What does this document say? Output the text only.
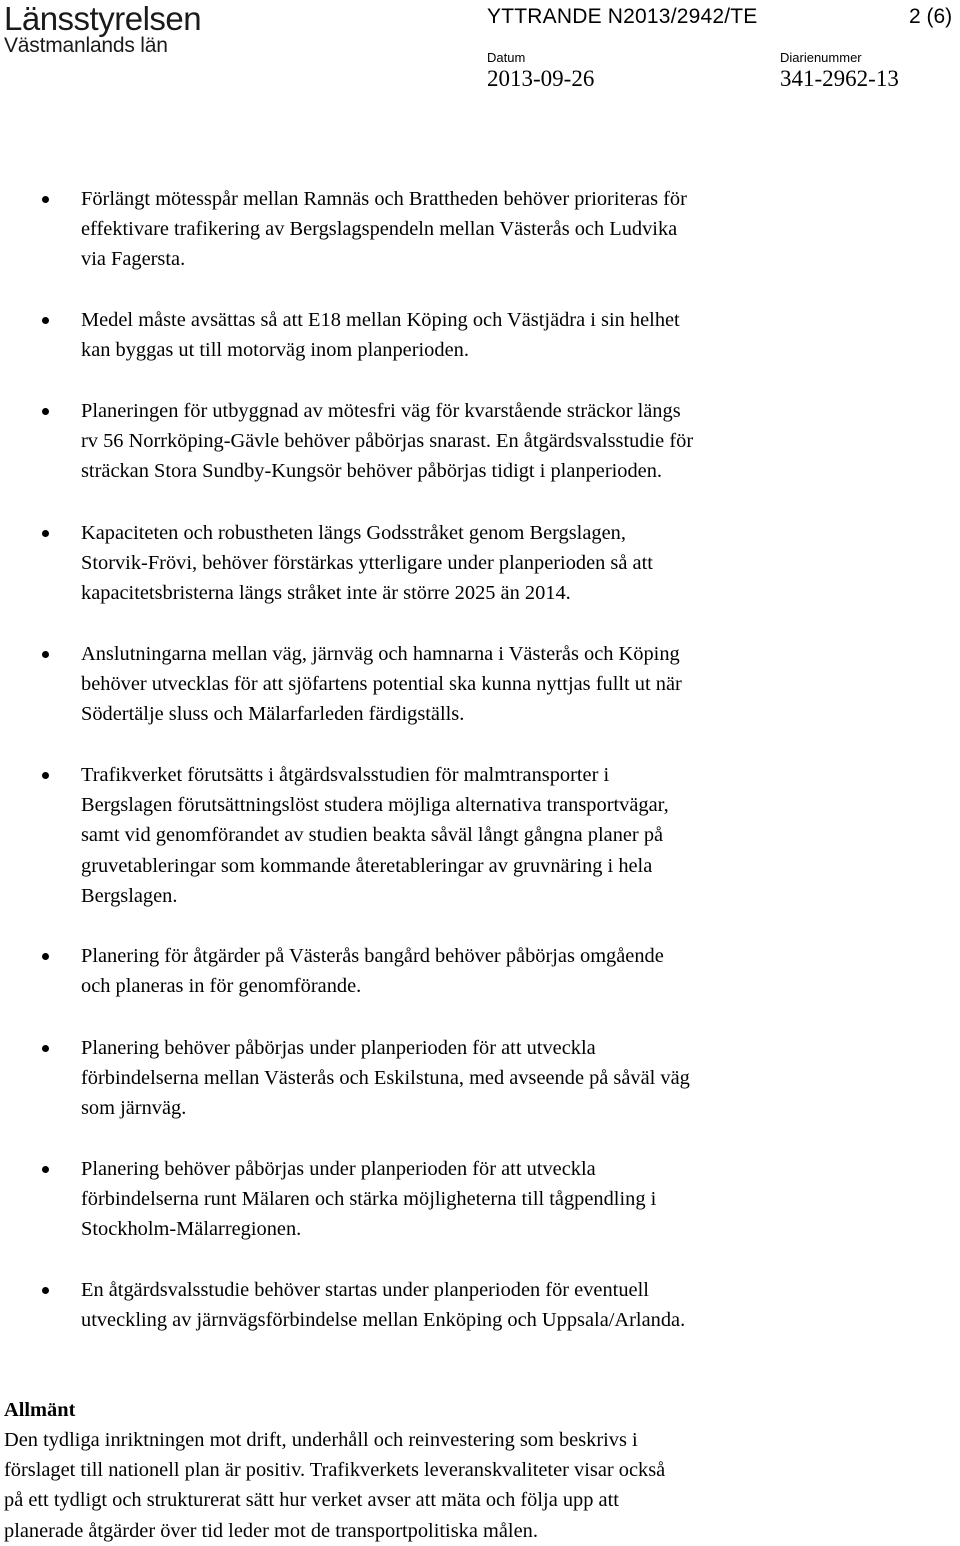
Länsstyrelsen
Västmanlands län
YTTRANDE N2013/2942/TE	2 (6)
Datum
2013-09-26
Diarienummer
341-2962-13
Förlängt mötesspår mellan Ramnäs och Brattheden behöver prioriteras för
effektivare trafikering av Bergslagspendeln mellan Västerås och Ludvika
via Fagersta.
Medel måste avsättas så att E18 mellan Köping och Västjädra i sin helhet
kan byggas ut till motorväg inom planperioden.
Planeringen för utbyggnad av mötesfri väg för kvarstående sträckor längs
rv 56 Norrköping-Gävle behöver påbörjas snarast. En åtgärdsvalsstudie för
sträckan Stora Sundby-Kungsör behöver påbörjas tidigt i planperioden.
Kapaciteten och robustheten längs Godsstråket genom Bergslagen,
Storvik-Frövi, behöver förstärkas ytterligare under planperioden så att
kapacitetsbristerna längs stråket inte är större 2025 än 2014.
Anslutningarna mellan väg, järnväg och hamnarna i Västerås och Köping
behöver utvecklas för att sjöfartens potential ska kunna nyttjas fullt ut när
Södertälje sluss och Mälarfarleden färdigställs.
Trafikverket förutsätts i åtgärdsvalsstudien för malmtransporter i
Bergslagen förutsättningslöst studera möjliga alternativa transportvägar,
samt vid genomförandet av studien beakta såväl långt gångna planer på
gruvetableringar som kommande återetableringar av gruvnäring i hela
Bergslagen.
Planering för åtgärder på Västerås bangård behöver påbörjas omgående
och planeras in för genomförande.
Planering behöver påbörjas under planperioden för att utveckla
förbindelserna mellan Västerås och Eskilstuna, med avseende på såväl väg
som järnväg.
Planering behöver påbörjas under planperioden för att utveckla
förbindelserna runt Mälaren och stärka möjligheterna till tågpendling i
Stockholm-Mälarregionen.
En åtgärdsvalsstudie behöver startas under planperioden för eventuell
utveckling av järnvägsförbindelse mellan Enköping och Uppsala/Arlanda.
Allmänt
Den tydliga inriktningen mot drift, underhåll och reinvestering som beskrivs i
förslaget till nationell plan är positiv. Trafikverkets leveranskvaliteter visar också
på ett tydligt och strukturerat sätt hur verket avser att mäta och följa upp att
planerade åtgärder över tid leder mot de transportpolitiska målen.
